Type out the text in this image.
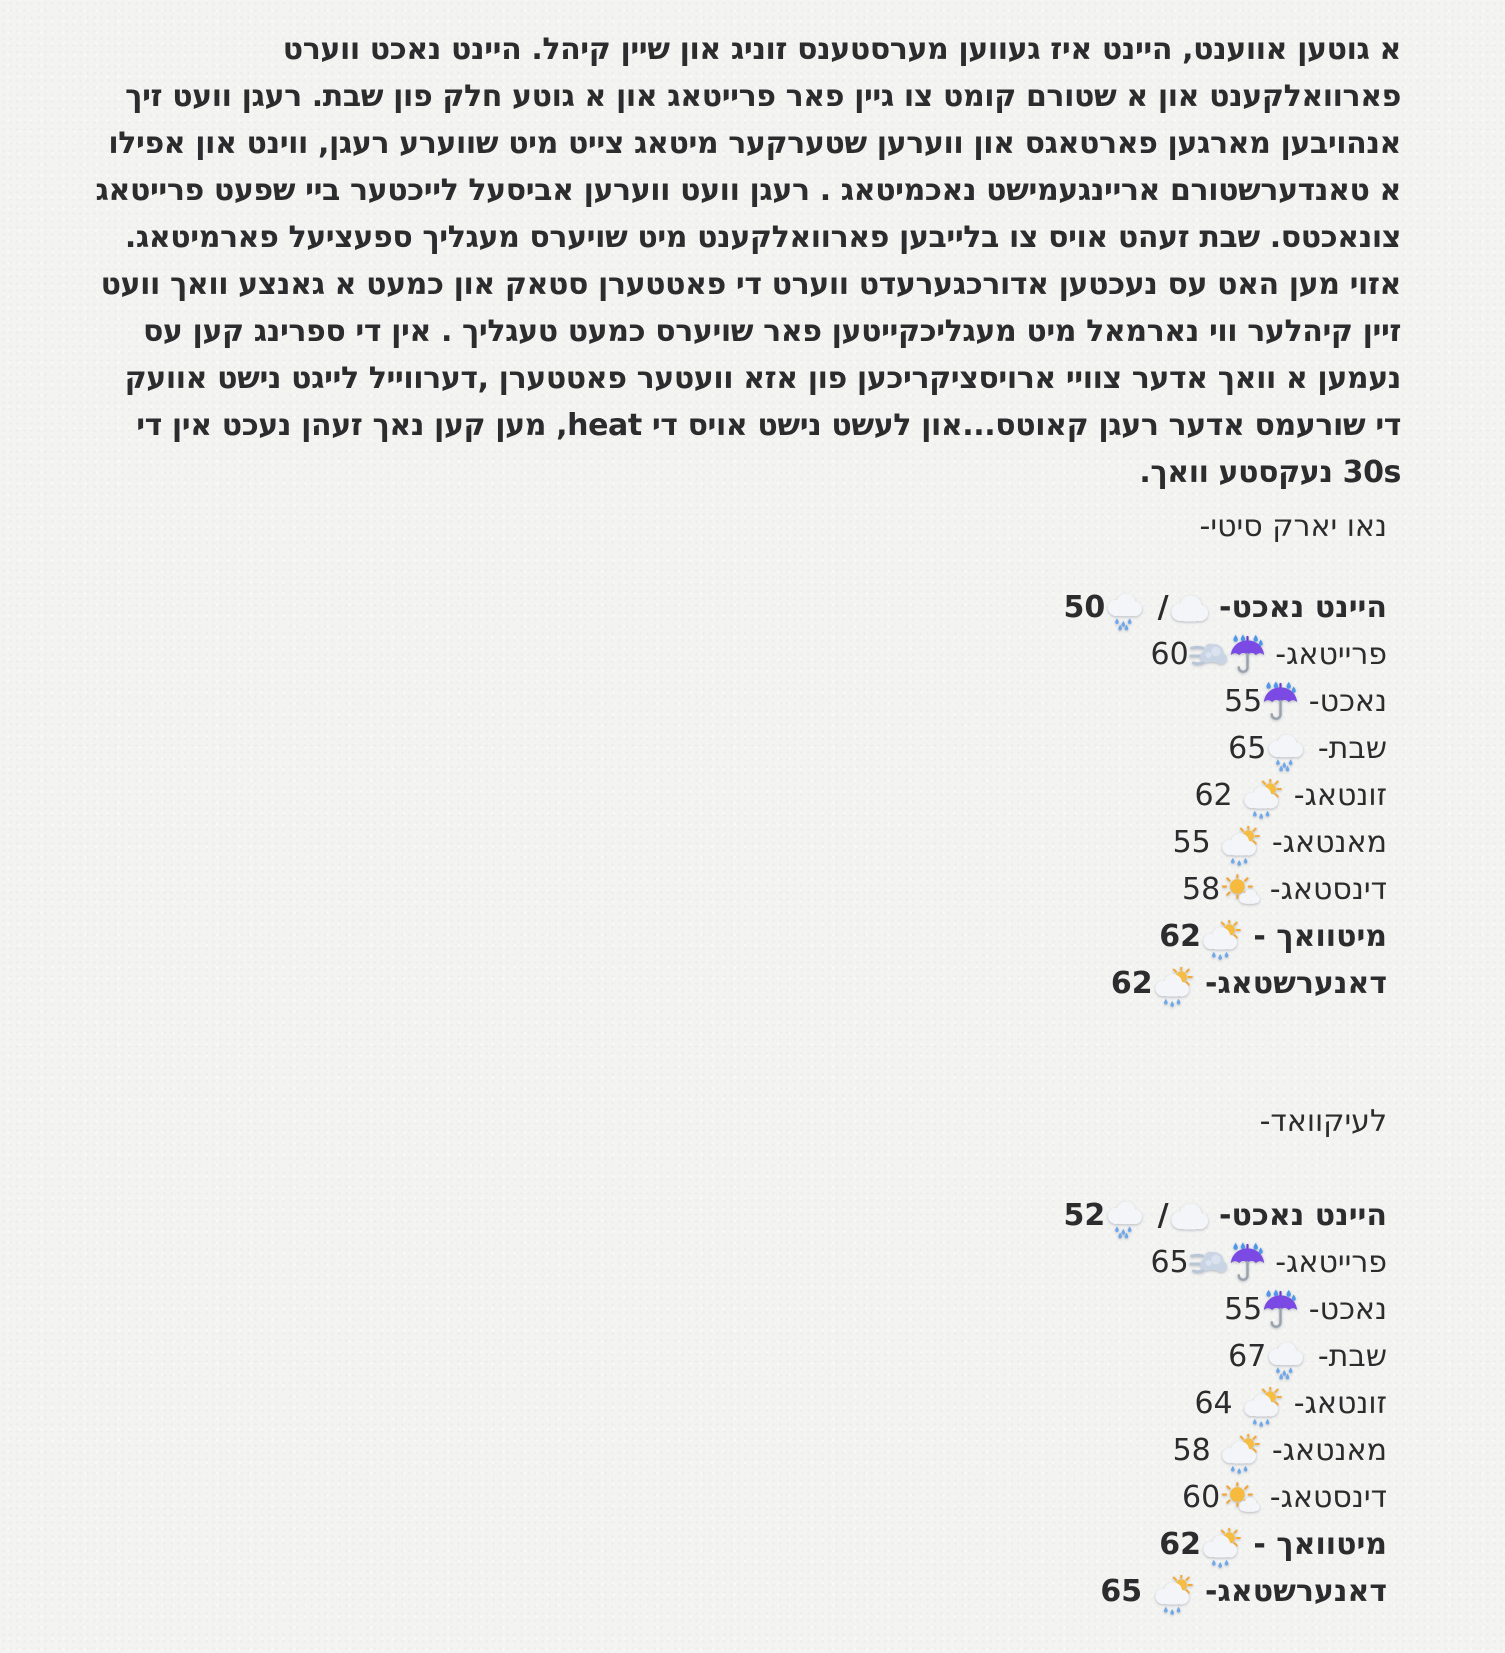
א גוטען אווענט, היינט איז געווען מערסטענס זוניג און שיין קיהל. היינט נאכט ווערט פארוואלקענט און א שטורם קומט צו גיין פאר פרייטאג און א גוטע חלק פון שבת. רעגן וועט זיך אנהויבען מארגען פארטאגס און ווערען שטערקער מיטאג צייט מיט שווערע רעגן, ווינט און אפילו א טאנדערשטורם אריינגעמישט נאכמיטאג . רעגן וועט ווערען אביסעל לייכטער ביי שפעט פרייטאג צונאכטס. שבת זעהט אויס צו בלייבען פארוואלקענט מיט שויערס מעגליך ספעציעל פארמיטאג. אזוי מען האט עס נעכטען אדורכגערעדט ווערט די פאטטערן סטאק און כמעט א גאנצע וואך וועט זיין קיהלער ווי נארמאל מיט מעגליכקייטען פאר שויערס כמעט טעגליך . אין די ספרינג קען עס נעמען א וואך אדער צוויי ארויסציקריכען פון אזא וועטער פאטטערן ,דערווייל לייגט נישט אוועק די שורעמס אדער רעגן קאוטס...און לעשט נישט אויס די heat, מען קען נאך זעהן נעכט אין די 30s נעקסטע וואך.
נאו יארק סיטי-
היינט נאכט- / 50
פרייטאג- 60
נאכט- 55
שבת- 65
זונטאג-  62
מאנטאג-  55
דינסטאג- 58
מיטוואך - 62
דאנערשטאג- 62
לעיקוואד-
היינט נאכט- / 52
פרייטאג- 65
נאכט- 55
שבת- 67
זונטאג-  64
מאנטאג-  58
דינסטאג- 60
מיטוואך - 62
דאנערשטאג-  65
